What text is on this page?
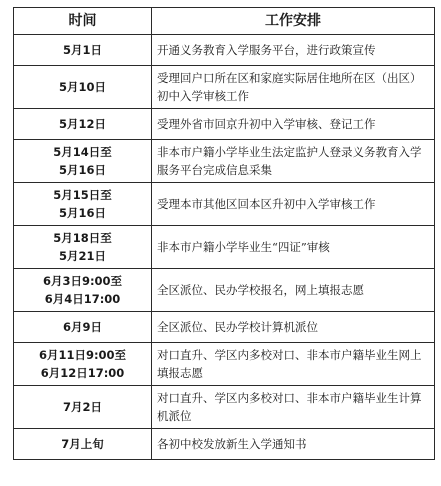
时间	工作安排

5月1日	开通义务教育入学服务平台，进行政策宣传

5月10日	受理回户口所在区和家庭实际居住地所在区（出区）初中入学审核工作

5月12日	受理外省市回京升初中入学审核、登记工作

5月14日至
5月16日	非本市户籍小学毕业生法定监护人登录义务教育入学服务平台完成信息采集

5月15日至
5月16日	受理本市其他区回本区升初中入学审核工作

5月18日至
5月21日	非本市户籍小学毕业生“四证”审核

6月3日9:00至
6月4日17:00	全区派位、民办学校报名，网上填报志愿

6月9日	全区派位、民办学校计算机派位

6月11日9:00至
6月12日17:00	对口直升、学区内多校对口、非本市户籍毕业生网上填报志愿

7月2日	对口直升、学区内多校对口、非本市户籍毕业生计算机派位

7月上旬	各初中校发放新生入学通知书
